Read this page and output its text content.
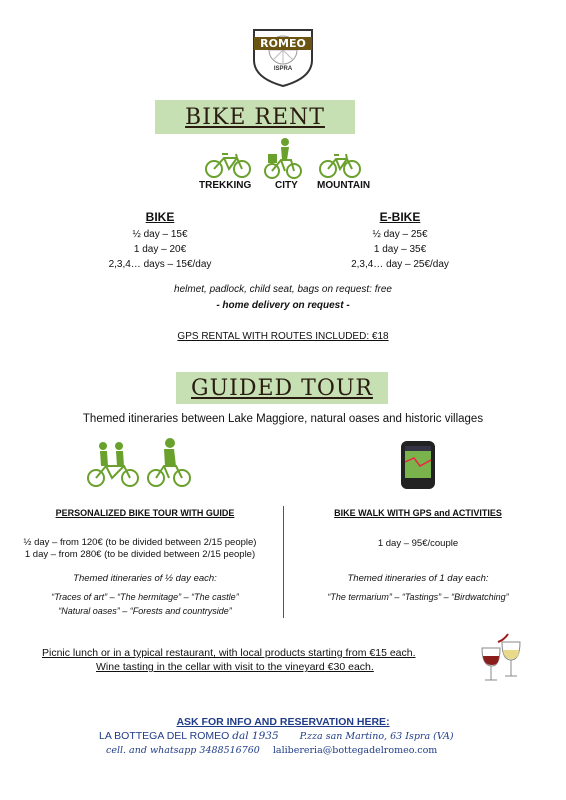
ROMEO
ISPRA
BIKE RENT
TREKKING CITY MOUNTAIN
BIKE
½ day – 15€
1 day – 20€
2,3,4… days – 15€/day
E-BIKE
½ day – 25€
1 day – 35€
2,3,4… day – 25€/day
helmet, padlock, child seat, bags on request: free
- home delivery on request -
GPS RENTAL WITH ROUTES INCLUDED: €18
GUIDED TOUR
Themed itineraries between Lake Maggiore, natural oases and historic villages
PERSONALIZED BIKE TOUR WITH GUIDE
½ day – from 120€ (to be divided between 2/15 people)
1 day – from 280€ (to be divided between 2/15 people)
Themed itineraries of ½ day each:
“Traces of art” – “The hermitage” – “The castle”
“Natural oases” – “Forests and countryside”
BIKE WALK WITH GPS and ACTIVITIES
1 day – 95€/couple
Themed itineraries of 1 day each:
“The termarium” – “Tastings” – “Birdwatching”
Picnic lunch or in a typical restaurant, with local products starting from €15 each.
Wine tasting in the cellar with visit to the vineyard €30 each.
ASK FOR INFO AND RESERVATION HERE:
LA BOTTEGA DEL ROMEO dal 1935 P.zza san Martino, 63 Ispra (VA)
cell. and whatsapp 3488516760 lalibereria@bottegadelromeo.com
